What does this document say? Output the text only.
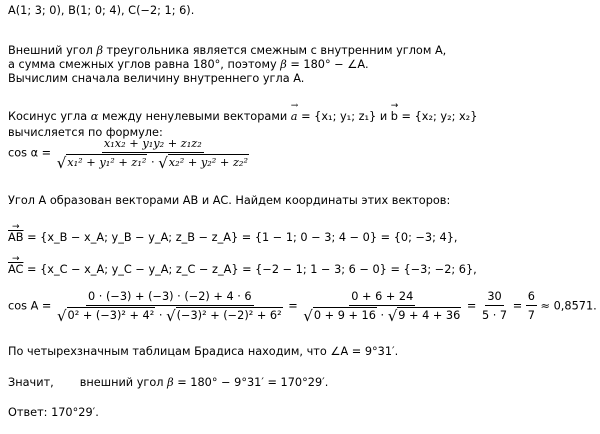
A(1; 3; 0), B(1; 0; 4), C(−2; 1; 6).
Внешний угол β треугольника является смежным с внутренним углом A,
а сумма смежных углов равна 180°, поэтому β = 180° − ∠A.
Вычислим сначала величину внутреннего угла A.
Косинус угла α между ненулевыми векторами
→
a = {x₁; y₁; z₁} и
→
b = {x₂; y₂; x₂}
вычисляется по формуле:
$\cos \alpha = \frac{\text{x₁x₂ + y₁y₂ + z₁z₂}}{\text{√x₁² + y₁² + z₁² · √x₂² + y₂² + z₂²}}$
Угол A образован векторами AB и AC. Найдем координаты этих векторов:
→
$\overline{AB}$ = {x_B − x_A; y_B − y_A; z_B − z_A} = {1 − 1; 0 − 3; 4 − 0} = {0; −3; 4},
→
$\overline{AC}$ = {x_C − x_A; y_C − y_A; z_C − z_A} = {−2 − 1; 1 − 3; 6 − 0} = {−3; −2; 6},
$\cos A = \frac{0 \cdot (-3) + (-3) \cdot (-2) + 4 \cdot 6}{\text{√0² + (−3)² + 4² · √(−3)² + (−2)² + 6²}} = \frac{0 + 6 + 24}{√0 + 9 + 16 \cdot √9 + 4 + 36} = \frac{30}{5 \cdot 7} = \frac{6}{7} \approx 0,8571$.
По четырехзначным таблицам Брадиса находим, что ∠A = 9°31′.
Значит, внешний угол β = 180° − 9°31′ = 170°29′.
Ответ: 170°29′.
